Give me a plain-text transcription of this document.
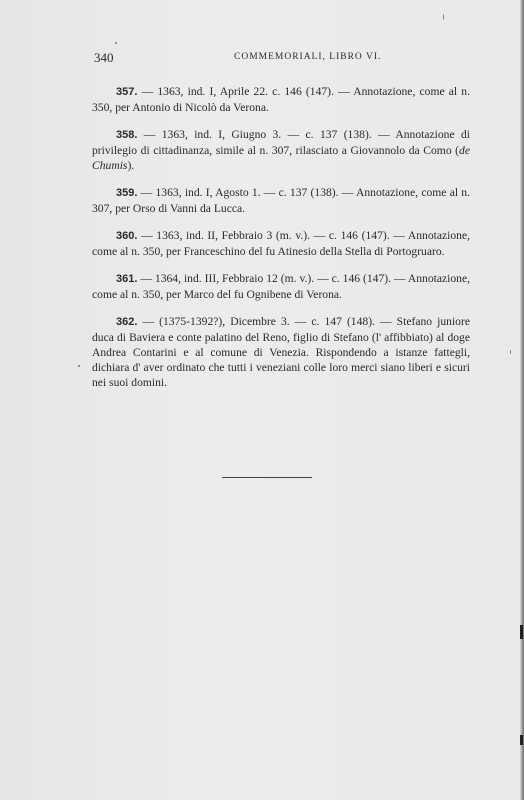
340	COMMEMORIALI, LIBRO VI.

357. — 1363, ind. I, Aprile 22. c. 146 (147). — Annotazione, come al n. 350, per Antonio di Nicolò da Verona.

358. — 1363, ind. I, Giugno 3. — c. 137 (138). — Annotazione di privilegio di cittadinanza, simile al n. 307, rilasciato a Giovannolo da Como (de Chumis).

359. — 1363, ind. I, Agosto 1. — c. 137 (138). — Annotazione, come al n. 307, per Orso di Vanni da Lucca.

360. — 1363, ind. II, Febbraio 3 (m. v.). — c. 146 (147). — Annotazione, come al n. 350, per Franceschino del fu Atinesio della Stella di Portogruaro.

361. — 1364, ind. III, Febbraio 12 (m. v.). — c. 146 (147). — Annotazione, come al n. 350, per Marco del fu Ognibene di Verona.

362. — (1375-1392?), Dicembre 3. — c. 147 (148). — Stefano juniore duca di Baviera e conte palatino del Reno, figlio di Stefano (l' affibbiato) al doge Andrea Contarini e al comune di Venezia. Rispondendo a istanze fattegli, dichiara d' aver ordinato che tutti i veneziani colle loro merci siano liberi e sicuri nei suoi domini.
